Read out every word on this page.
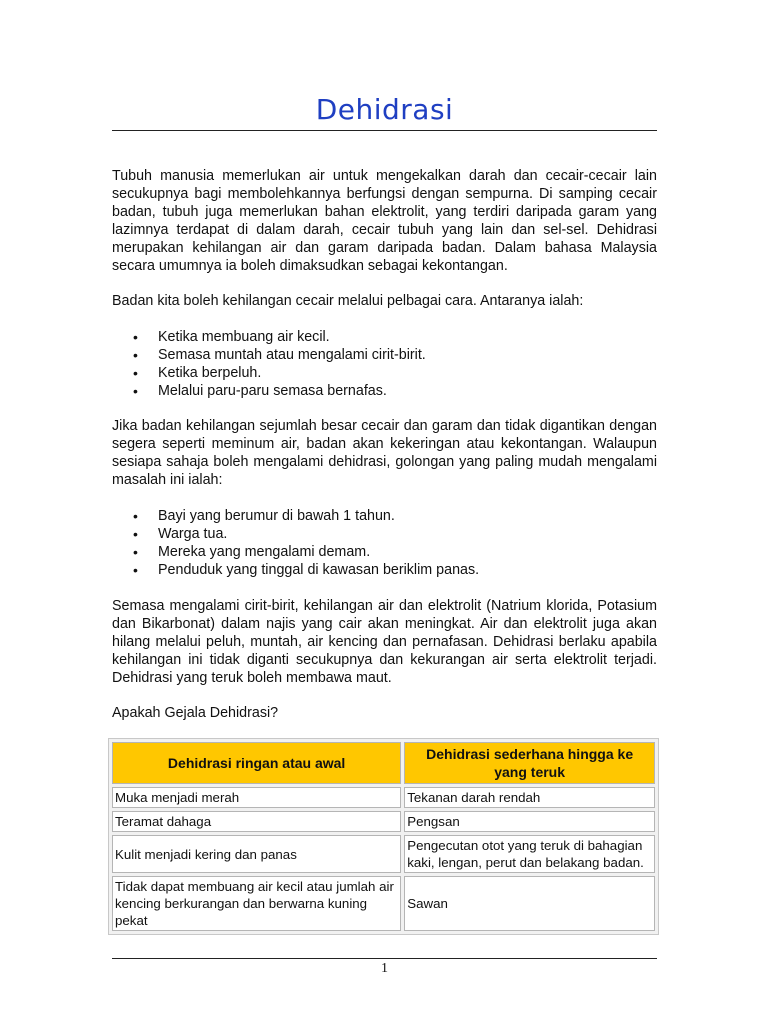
Dehidrasi

Tubuh manusia memerlukan air untuk mengekalkan darah dan cecair-cecair lain secukupnya bagi membolehkannya berfungsi dengan sempurna. Di samping cecair badan, tubuh juga memerlukan bahan elektrolit, yang terdiri daripada garam yang lazimnya terdapat di dalam darah, cecair tubuh yang lain dan sel-sel. Dehidrasi merupakan kehilangan air dan garam daripada badan. Dalam bahasa Malaysia secara umumnya ia boleh dimaksudkan sebagai kekontangan.

Badan kita boleh kehilangan cecair melalui pelbagai cara. Antaranya ialah:

• Ketika membuang air kecil.
• Semasa muntah atau mengalami cirit-birit.
• Ketika berpeluh.
• Melalui paru-paru semasa bernafas.

Jika badan kehilangan sejumlah besar cecair dan garam dan tidak digantikan dengan segera seperti meminum air, badan akan kekeringan atau kekontangan. Walaupun sesiapa sahaja boleh mengalami dehidrasi, golongan yang paling mudah mengalami masalah ini ialah:

• Bayi yang berumur di bawah 1 tahun.
• Warga tua.
• Mereka yang mengalami demam.
• Penduduk yang tinggal di kawasan beriklim panas.

Semasa mengalami cirit-birit, kehilangan air dan elektrolit (Natrium klorida, Potasium dan Bikarbonat) dalam najis yang cair akan meningkat. Air dan elektrolit juga akan hilang melalui peluh, muntah, air kencing dan pernafasan. Dehidrasi berlaku apabila kehilangan ini tidak diganti secukupnya dan kekurangan air serta elektrolit terjadi. Dehidrasi yang teruk boleh membawa maut.

Apakah Gejala Dehidrasi?

Dehidrasi ringan atau awal	Dehidrasi sederhana hingga ke yang teruk
Muka menjadi merah	Tekanan darah rendah
Teramat dahaga	Pengsan
Kulit menjadi kering dan panas	Pengecutan otot yang teruk di bahagian kaki, lengan, perut dan belakang badan.
Tidak dapat membuang air kecil atau jumlah air kencing berkurangan dan berwarna kuning pekat	Sawan
1
